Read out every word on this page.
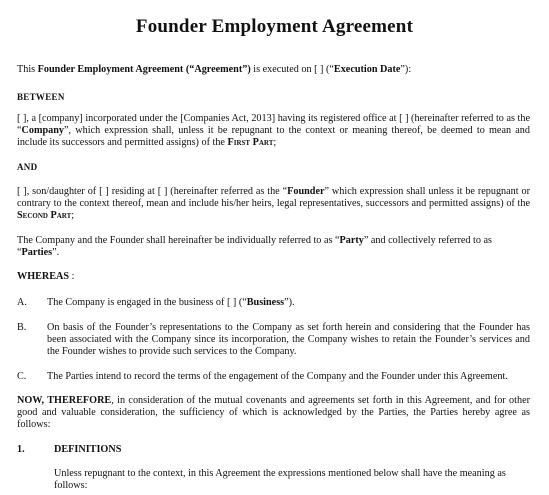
Founder Employment Agreement
This Founder Employment Agreement (“Agreement”) is executed on [ ] (“Execution Date”):
BETWEEN
[ ], a [company] incorporated under the [Companies Act, 2013] having its registered office at [ ] (hereinafter referred to as the “Company”, which expression shall, unless it be repugnant to the context or meaning thereof, be deemed to mean and include its successors and permitted assigns) of the First Part;
AND
[ ], son/daughter of [ ] residing at [ ] (hereinafter referred as the “Founder” which expression shall unless it be repugnant or contrary to the context thereof, mean and include his/her heirs, legal representatives, successors and permitted assigns) of the Second Part;
The Company and the Founder shall hereinafter be individually referred to as “Party” and collectively referred to as “Parties”.
WHEREAS :
A. The Company is engaged in the business of [ ] (“Business”).
B. On basis of the Founder’s representations to the Company as set forth herein and considering that the Founder has been associated with the Company since its incorporation, the Company wishes to retain the Founder’s services and the Founder wishes to provide such services to the Company.
C. The Parties intend to record the terms of the engagement of the Company and the Founder under this Agreement.
NOW, THEREFORE, in consideration of the mutual covenants and agreements set forth in this Agreement, and for other good and valuable consideration, the sufficiency of which is acknowledged by the Parties, the Parties hereby agree as follows:
1.	DEFINITIONS
Unless repugnant to the context, in this Agreement the expressions mentioned below shall have the meaning as follows:
